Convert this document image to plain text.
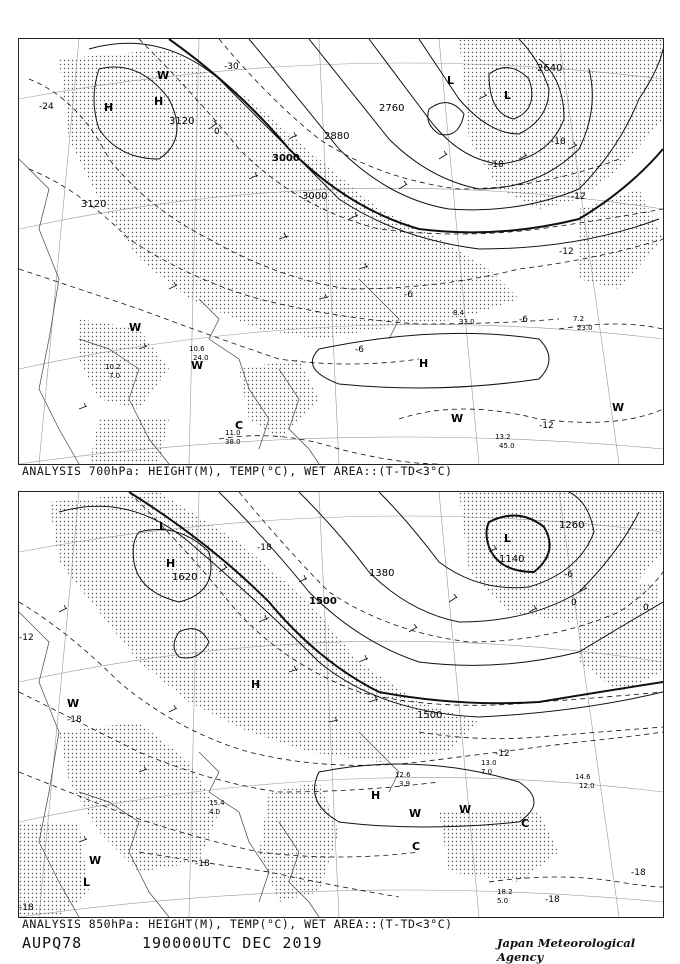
H	H
W	L
L
W
W
C
H
W
W
3120
3000
2880
2760
2640
3120
3000
-24
-30
-18
-12
-6
-6
-12
0
-18
-12
-6
8.4
33.0	7.2
23.0
13.2
45.0
10.6
24.0
10.2
7.0
11.0
38.0
ANALYSIS 700hPa: HEIGHT(M), TEMP(°C), WET AREA::(T-TD<3°C)
L
H
H
L
H
W	W
W
W
C
C
L
1620
1500
1380
1260
1140
1500
-18
-18
-12
0
-6
0
-18
-12
-18
-18
-18
14.6
12.0
12.6
3.9
18.2
5.0
15.4
4.0
13.0
7.0
ANALYSIS 850hPa: HEIGHT(M), TEMP(°C), WET AREA::(T-TD<3°C)
AUPQ78	190000UTC DEC 2019	Japan Meteorological Agency
